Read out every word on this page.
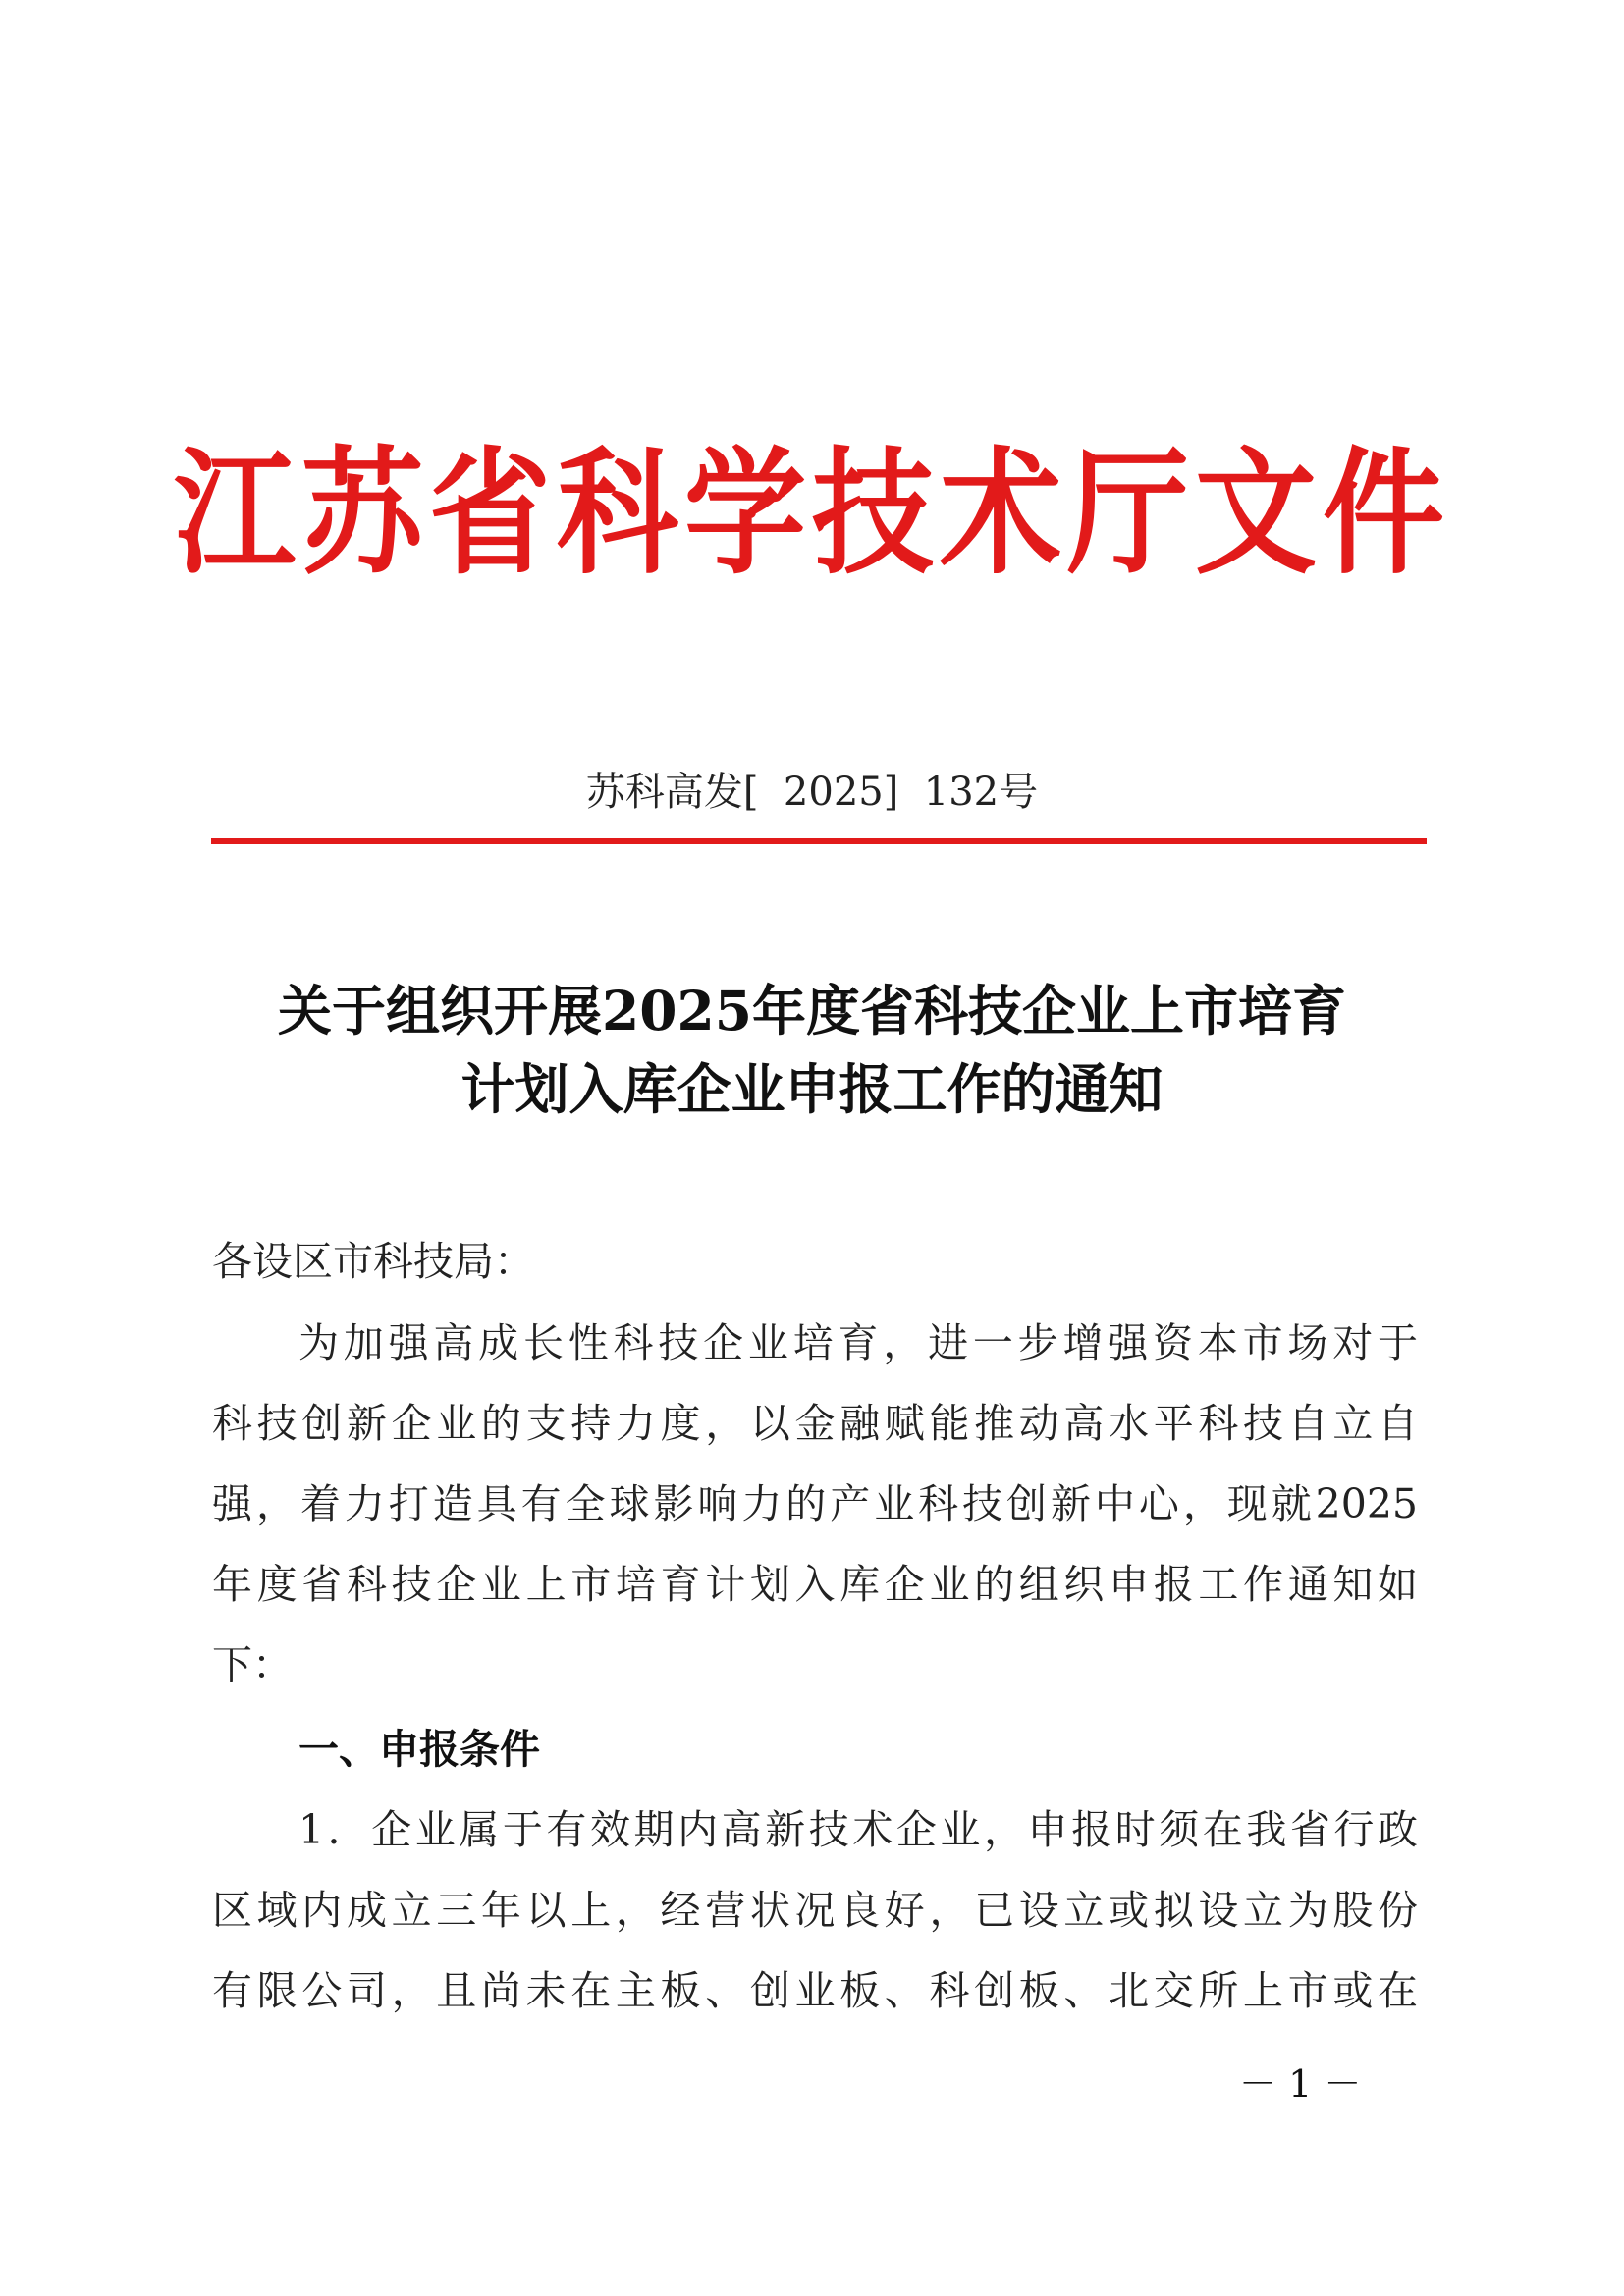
江苏省科学技术厅文件
苏科高发[  2025]  132号
关于组织开展2025年度省科技企业上市培育
计划入库企业申报工作的通知
各设区市科技局：
为加强高成长性科技企业培育，进一步增强资本市场对于
科技创新企业的支持力度，以金融赋能推动高水平科技自立自
强，着力打造具有全球影响力的产业科技创新中心，现就2025
年度省科技企业上市培育计划入库企业的组织申报工作通知如
下：
一、申报条件
1．企业属于有效期内高新技术企业，申报时须在我省行政
区域内成立三年以上，经营状况良好，已设立或拟设立为股份
有限公司，且尚未在主板、创业板、科创板、北交所上市或在
－ 1 －
